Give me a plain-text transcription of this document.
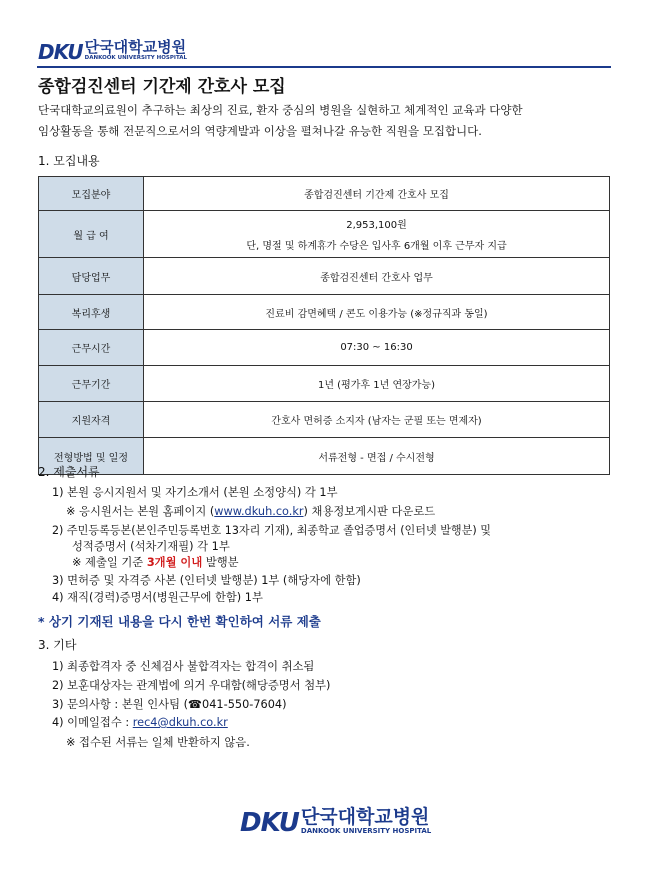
DKU 단국대학교병원
DANKOOK UNIVERSITY HOSPITAL
종합검진센터 기간제 간호사 모집
단국대학교의료원이 추구하는 최상의 진료, 환자 중심의 병원을 실현하고 체계적인 교육과 다양한
임상활동을 통해 전문직으로서의 역량계발과 이상을 펼쳐나갈 유능한 직원을 모집합니다.
1. 모집내용
모집분야	종합검진센터 기간제 간호사 모집
월 급 여	2,953,100원
단, 명절 및 하계휴가 수당은 입사후 6개월 이후 근무자 지급

담당업무	종합검진센터 간호사 업무
복리후생	진료비 감면혜택 / 콘도 이용가능 (※정규직과 동일)
근무시간	07:30 ~ 16:30
근무기간	1년 (평가후 1년 연장가능)
지원자격	간호사 면허증 소지자 (남자는 군필 또는 면제자)
전형방법 및 일정	서류전형 - 면접 / 수시전형
2. 제출서류
1) 본원 응시지원서 및 자기소개서 (본원 소정양식) 각 1부
※ 응시원서는 본원 홈페이지 (www.dkuh.co.kr) 채용정보게시판 다운로드
2) 주민등록등본(본인주민등록번호 13자리 기재), 최종학교 졸업증명서 (인터넷 발행분) 및
성적증명서 (석차기재필) 각 1부
※ 제출일 기준 3개월 이내 발행분
3) 면허증 및 자격증 사본 (인터넷 발행분) 1부 (해당자에 한함)
4) 재직(경력)증명서(병원근무에 한함) 1부
* 상기 기재된 내용을 다시 한번 확인하여 서류 제출
3. 기타
1) 최종합격자 중 신체검사 불합격자는 합격이 취소됨
2) 보훈대상자는 관계법에 의거 우대함(해당증명서 첨부)
3) 문의사항 : 본원 인사팀 (☎041-550-7604)
4) 이메일접수 : rec4@dkuh.co.kr
※ 접수된 서류는 일체 반환하지 않음.
DKU 단국대학교병원
DANKOOK UNIVERSITY HOSPITAL
